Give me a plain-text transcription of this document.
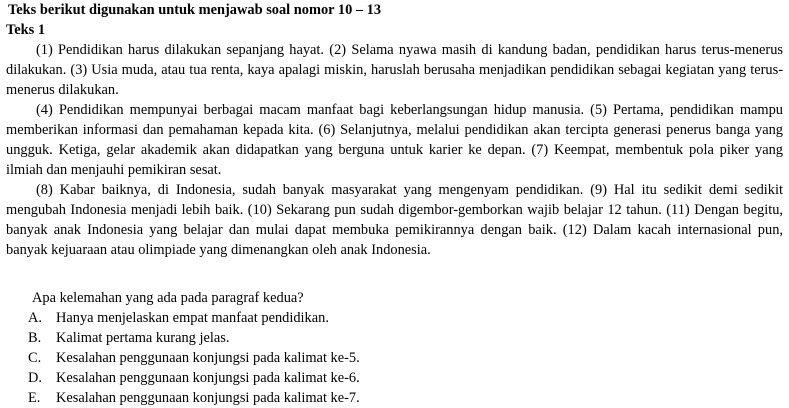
Teks berikut digunakan untuk menjawab soal nomor 10 – 13

Teks 1

(1) Pendidikan harus dilakukan sepanjang hayat. (2) Selama nyawa masih di kandung badan, pendidikan harus terus-menerus dilakukan. (3) Usia muda, atau tua renta, kaya apalagi miskin, haruslah berusaha menjadikan pendidikan sebagai kegiatan yang terus-menerus dilakukan.

(4) Pendidikan mempunyai berbagai macam manfaat bagi keberlangsungan hidup manusia. (5) Pertama, pendidikan mampu memberikan informasi dan pemahaman kepada kita. (6) Selanjutnya, melalui pendidikan akan tercipta generasi penerus banga yang ungguk. Ketiga, gelar akademik akan didapatkan yang berguna untuk karier ke depan. (7) Keempat, membentuk pola piker yang ilmiah dan menjauhi pemikiran sesat.

(8) Kabar baiknya, di Indonesia, sudah banyak masyarakat yang mengenyam pendidikan. (9) Hal itu sedikit demi sedikit mengubah Indonesia menjadi lebih baik. (10) Sekarang pun sudah digembor-gemborkan wajib belajar 12 tahun. (11) Dengan begitu, banyak anak Indonesia yang belajar dan mulai dapat membuka pemikirannya dengan baik. (12) Dalam kacah internasional pun, banyak kejuaraan atau olimpiade yang dimenangkan oleh anak Indonesia.

Apa kelemahan yang ada pada paragraf kedua?

A. Hanya menjelaskan empat manfaat pendidikan.
B.	Kalimat pertama kurang jelas.
C.	Kesalahan penggunaan konjungsi pada kalimat ke-5.
D. Kesalahan penggunaan konjungsi pada kalimat ke-6.
E.	Kesalahan penggunaan konjungsi pada kalimat ke-7.
